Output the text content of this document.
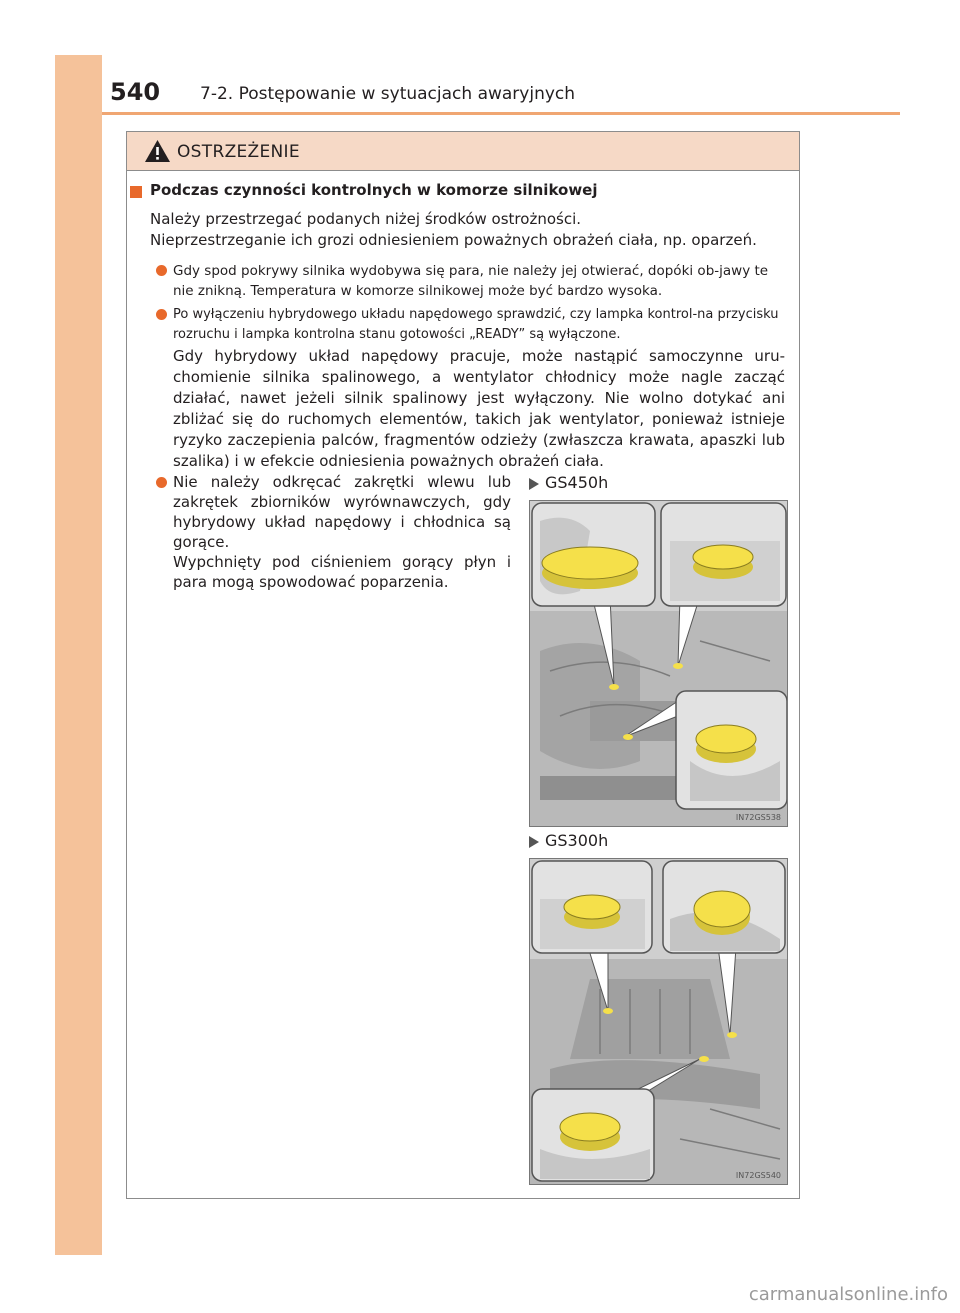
540 7-2. Postępowanie w sytuacjach awaryjnych
OSTRZEŻENIE
Podczas czynności kontrolnych w komorze silnikowej
Należy przestrzegać podanych niżej środków ostrożności.
Nieprzestrzeganie ich grozi odniesieniem poważnych obrażeń ciała, np. oparzeń.
Gdy spod pokrywy silnika wydobywa się para, nie należy jej otwierać, dopóki ob-jawy te nie znikną. Temperatura w komorze silnikowej może być bardzo wysoka.
Po wyłączeniu hybrydowego układu napędowego sprawdzić, czy lampka kontrol-na przycisku rozruchu i lampka kontrolna stanu gotowości „READY” są wyłączone.
Gdy hybrydowy układ napędowy pracuje, może nastąpić samoczynne uru-chomienie silnika spalinowego, a wentylator chłodnicy może nagle zacząć działać, nawet jeżeli silnik spalinowy jest wyłączony. Nie wolno dotykać ani zbliżać się do ruchomych elementów, takich jak wentylator, ponieważ istnieje ryzyko zaczepienia palców, fragmentów odzieży (zwłaszcza krawata, apaszki lub szalika) i w efekcie odniesienia poważnych obrażeń ciała.

Nie należy odkręcać zakrętki wlewu lub zakrętek zbiorników wyrównawczych, gdy hybrydowy układ napędowy i chłodnica są gorące.

Wypchnięty pod ciśnieniem gorący płyn i para mogą spowodować poparzenia.

GS450h
IN72GS538
GS300h
IN72GS540
carmanualsonline.info
